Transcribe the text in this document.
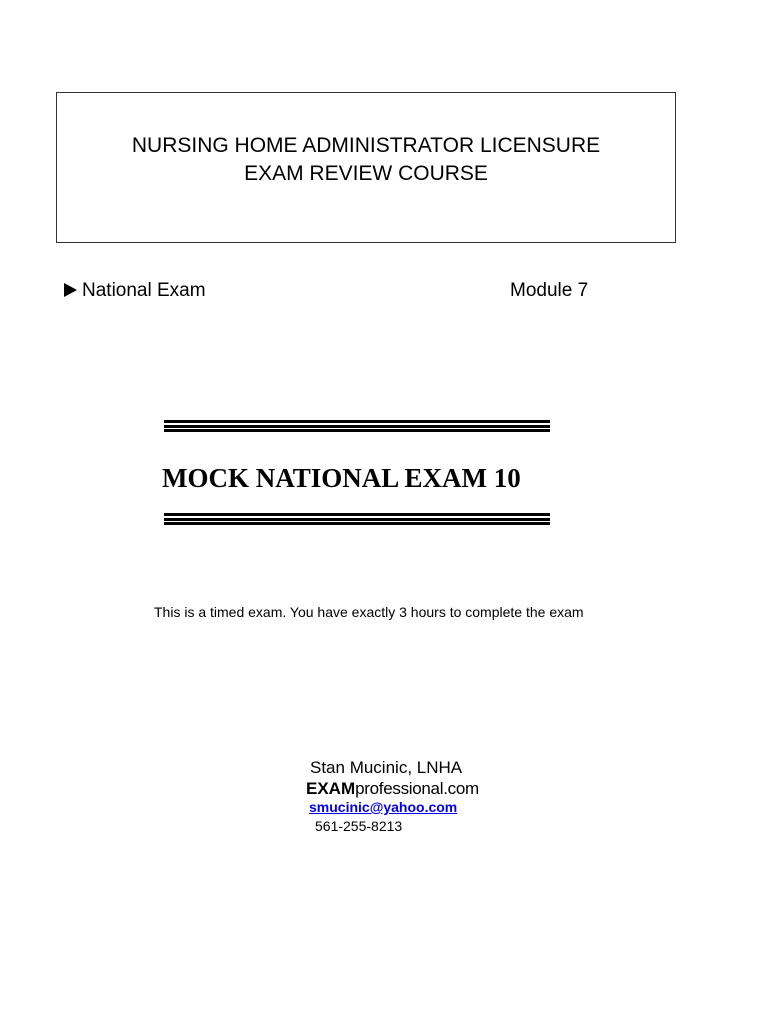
NURSING HOME ADMINISTRATOR LICENSURE
EXAM REVIEW COURSE
National Exam	Module 7
MOCK NATIONAL EXAM 10
This is a timed exam. You have exactly 3 hours to complete the exam
Stan Mucinic, LNHA
EXAMprofessional.com
smucinic@yahoo.com
561-255-8213
